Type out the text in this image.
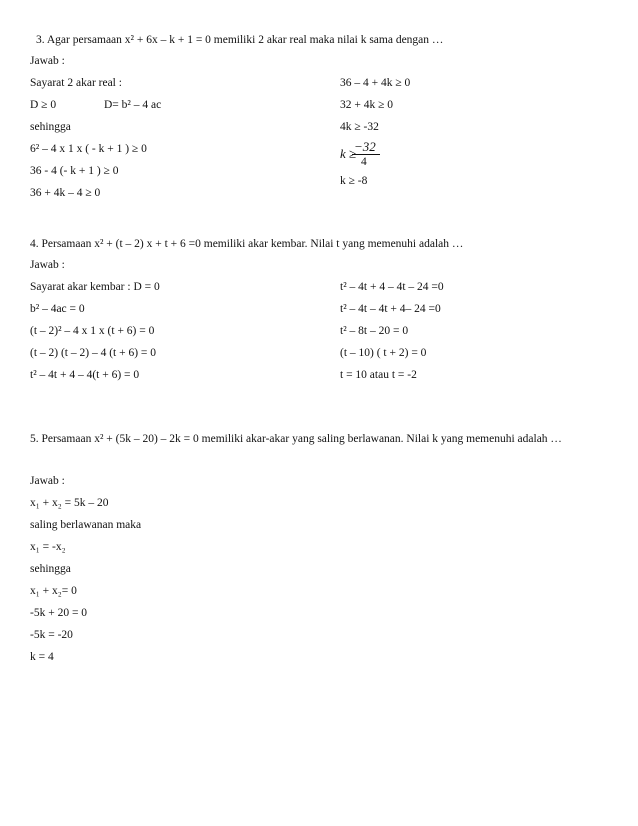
3. Agar persamaan x² + 6x – k + 1 = 0 memiliki 2 akar real maka nilai k sama dengan …
Jawab :
Sayarat 2 akar real :
D ≥ 0	D= b² – 4 ac
sehingga
6² – 4 x 1 x ( - k + 1 ) ≥ 0
36 - 4 (- k + 1 ) ≥ 0
36 + 4k – 4 ≥ 0
36 – 4 + 4k ≥ 0
32 + 4k ≥ 0
4k ≥ -32
k ≥
−32
4
k ≥ -8
4. Persamaan x² + (t – 2) x + t + 6 =0 memiliki akar kembar. Nilai t yang memenuhi adalah …
Jawab :
Sayarat akar kembar : D = 0
b² – 4ac = 0
(t – 2)² – 4 x 1 x (t + 6) = 0
(t – 2) (t – 2) – 4 (t + 6) = 0
t² – 4t + 4 – 4(t + 6) = 0
t² – 4t + 4 – 4t – 24 =0
t² – 4t – 4t + 4– 24 =0
t² – 8t – 20 = 0
(t – 10) ( t + 2) = 0
t = 10 atau t = -2
5. Persamaan x² + (5k – 20) – 2k = 0 memiliki akar-akar yang saling berlawanan. Nilai k yang memenuhi adalah …
Jawab :
x₁ + x₂ = 5k – 20
saling berlawanan maka
x₁ = -x₂
sehingga
x₁ + x₂= 0
-5k + 20 = 0
-5k = -20
k = 4
